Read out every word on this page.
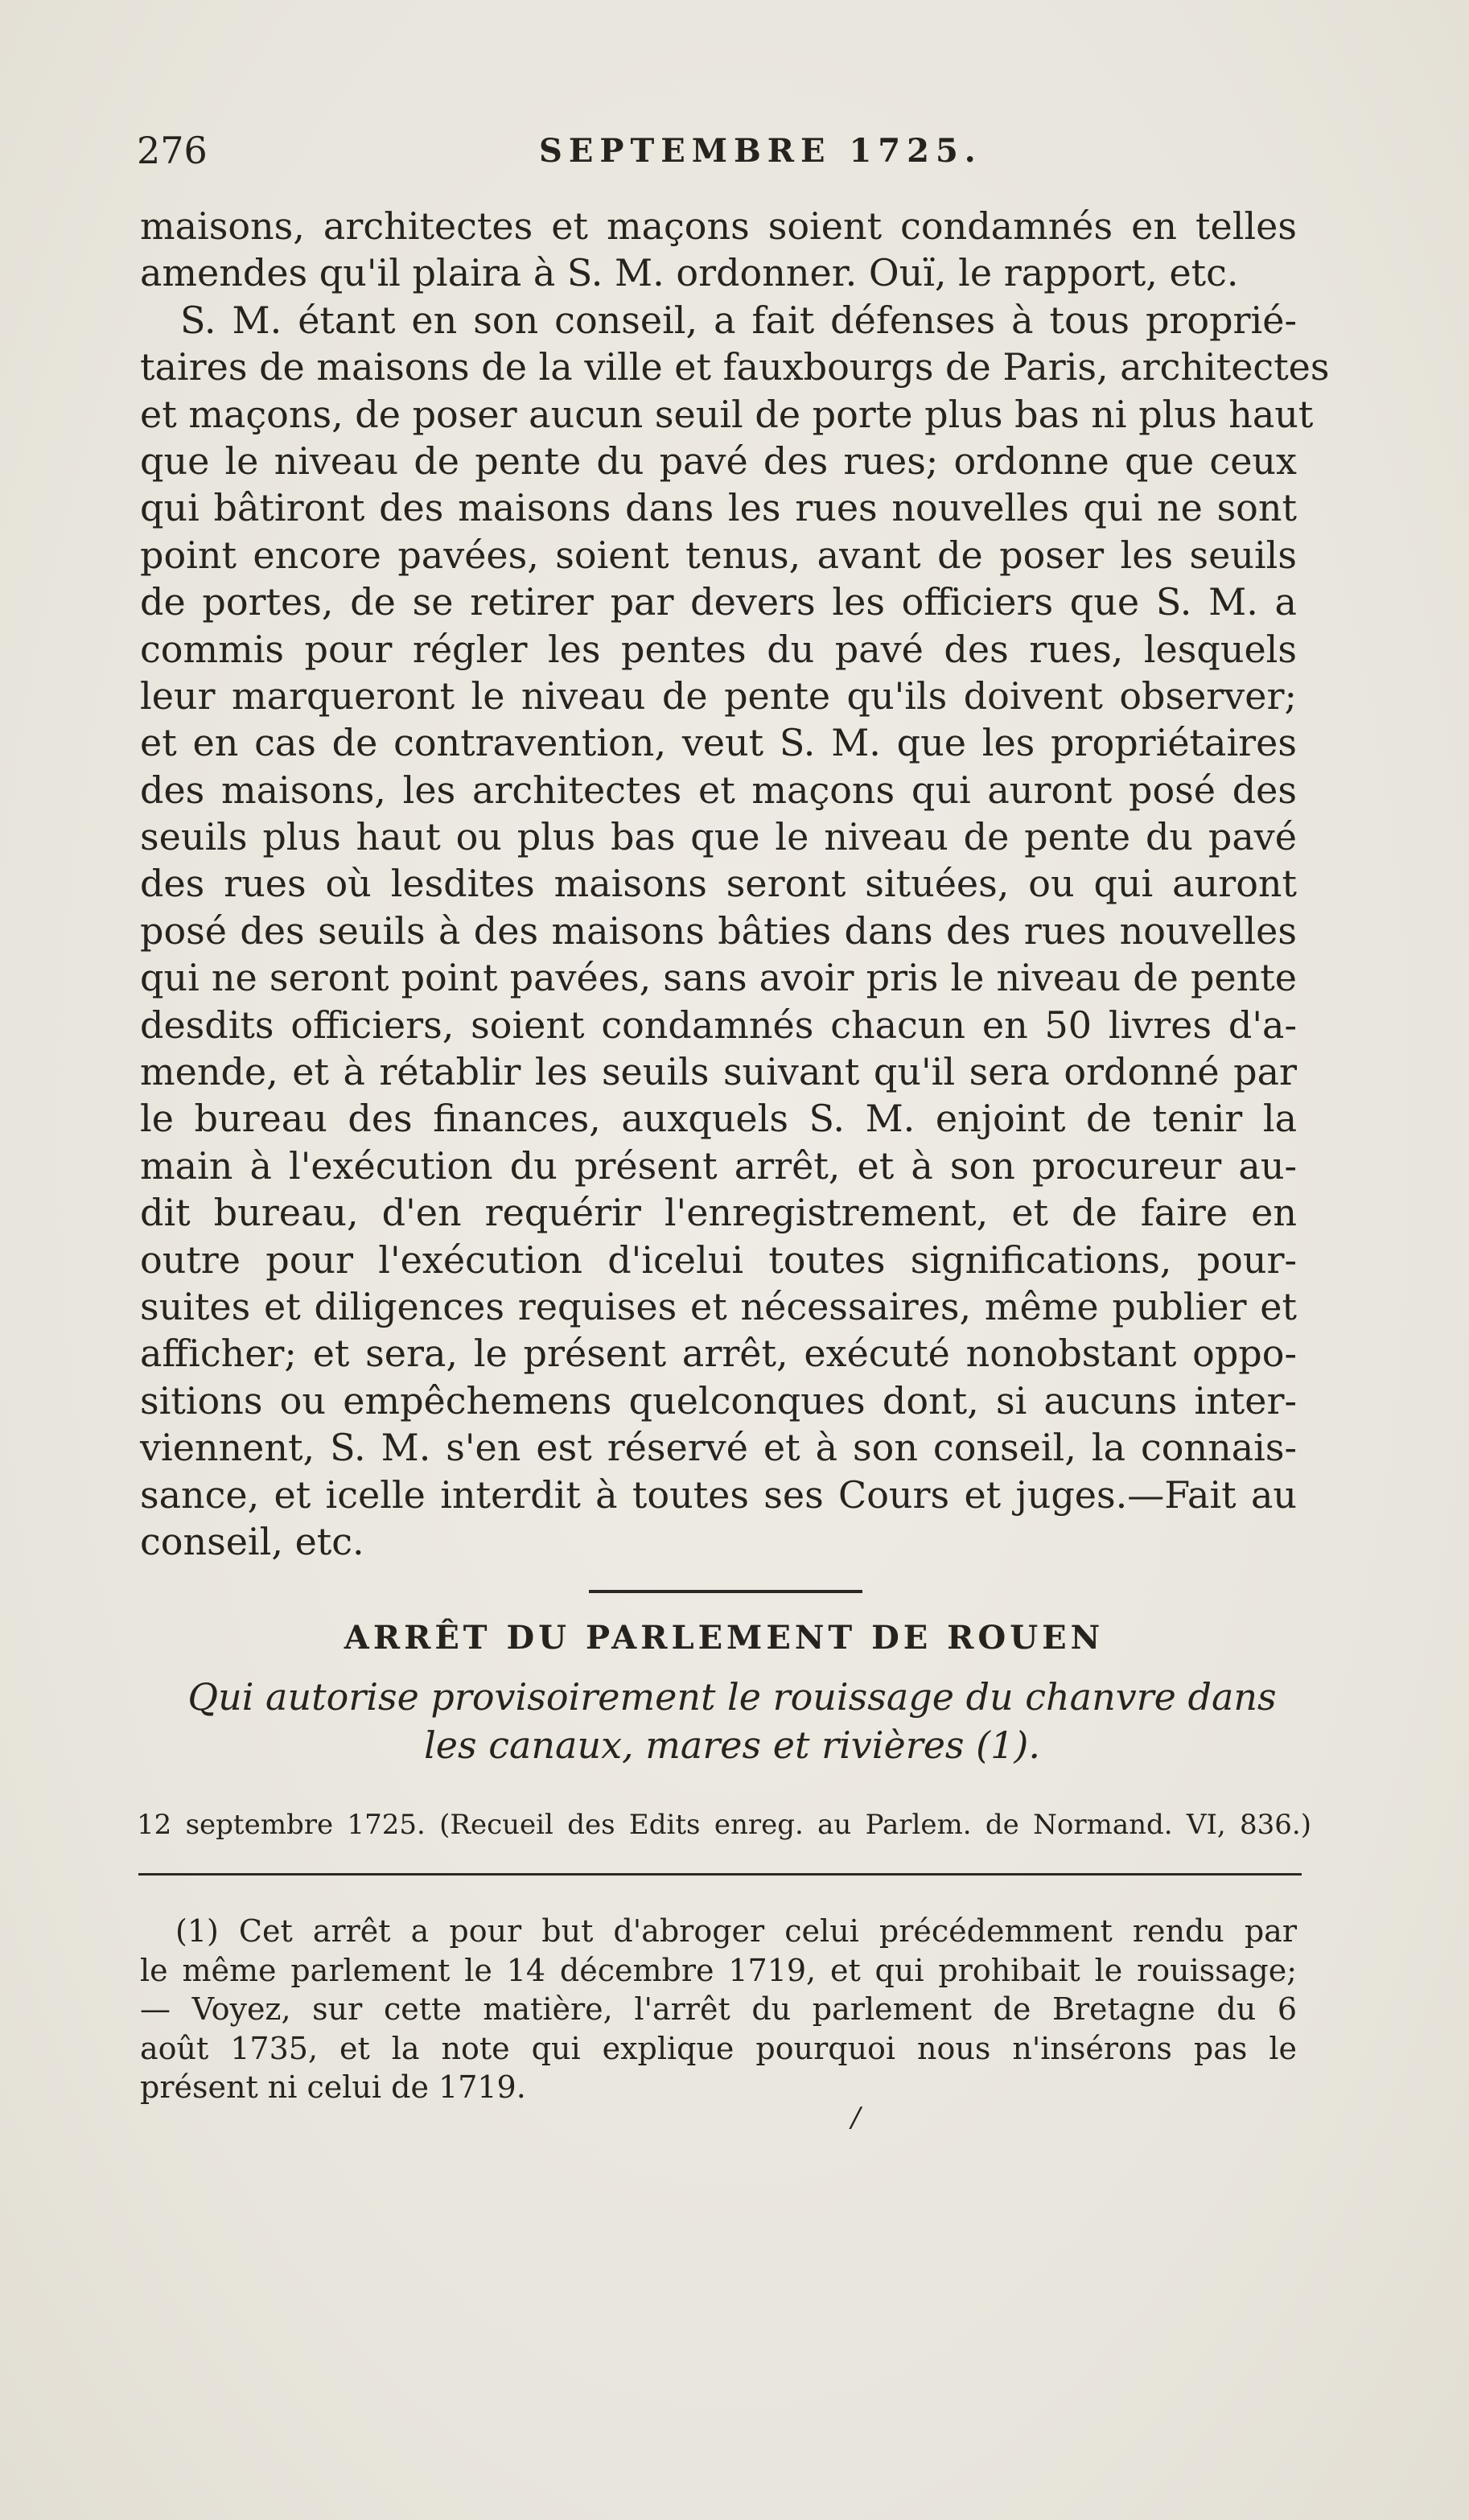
276	SEPTEMBRE 1725.
maisons, architectes et maçons soient condamnés en telles
amendes qu'il plaira à S. M. ordonner. Ouï, le rapport, etc.
S. M. étant en son conseil, a fait défenses à tous proprié-
taires de maisons de la ville et fauxbourgs de Paris, architectes
et maçons, de poser aucun seuil de porte plus bas ni plus haut
que le niveau de pente du pavé des rues; ordonne que ceux
qui bâtiront des maisons dans les rues nouvelles qui ne sont
point encore pavées, soient tenus, avant de poser les seuils
de portes, de se retirer par devers les officiers que S. M. a
commis pour régler les pentes du pavé des rues, lesquels
leur marqueront le niveau de pente qu'ils doivent observer;
et en cas de contravention, veut S. M. que les propriétaires
des maisons, les architectes et maçons qui auront posé des
seuils plus haut ou plus bas que le niveau de pente du pavé
des rues où lesdites maisons seront situées, ou qui auront
posé des seuils à des maisons bâties dans des rues nouvelles
qui ne seront point pavées, sans avoir pris le niveau de pente
desdits officiers, soient condamnés chacun en 50 livres d'a-
mende, et à rétablir les seuils suivant qu'il sera ordonné par
le bureau des finances, auxquels S. M. enjoint de tenir la
main à l'exécution du présent arrêt, et à son procureur au-
dit bureau, d'en requérir l'enregistrement, et de faire en
outre pour l'exécution d'icelui toutes significations, pour-
suites et diligences requises et nécessaires, même publier et
afficher; et sera, le présent arrêt, exécuté nonobstant oppo-
sitions ou empêchemens quelconques dont, si aucuns inter-
viennent, S. M. s'en est réservé et à son conseil, la connais-
sance, et icelle interdit à toutes ses Cours et juges.—Fait au
conseil, etc.
ARRÊT DU PARLEMENT DE ROUEN
Qui autorise provisoirement le rouissage du chanvre dans
les canaux, mares et rivières (1).
12 septembre 1725. (Recueil des Edits enreg. au Parlem. de Normand. VI, 836.)
(1) Cet arrêt a pour but d'abroger celui précédemment rendu par
le même parlement le 14 décembre 1719, et qui prohibait le rouissage;
— Voyez, sur cette matière, l'arrêt du parlement de Bretagne du 6
août 1735, et la note qui explique pourquoi nous n'insérons pas le
présent ni celui de 1719.
/
